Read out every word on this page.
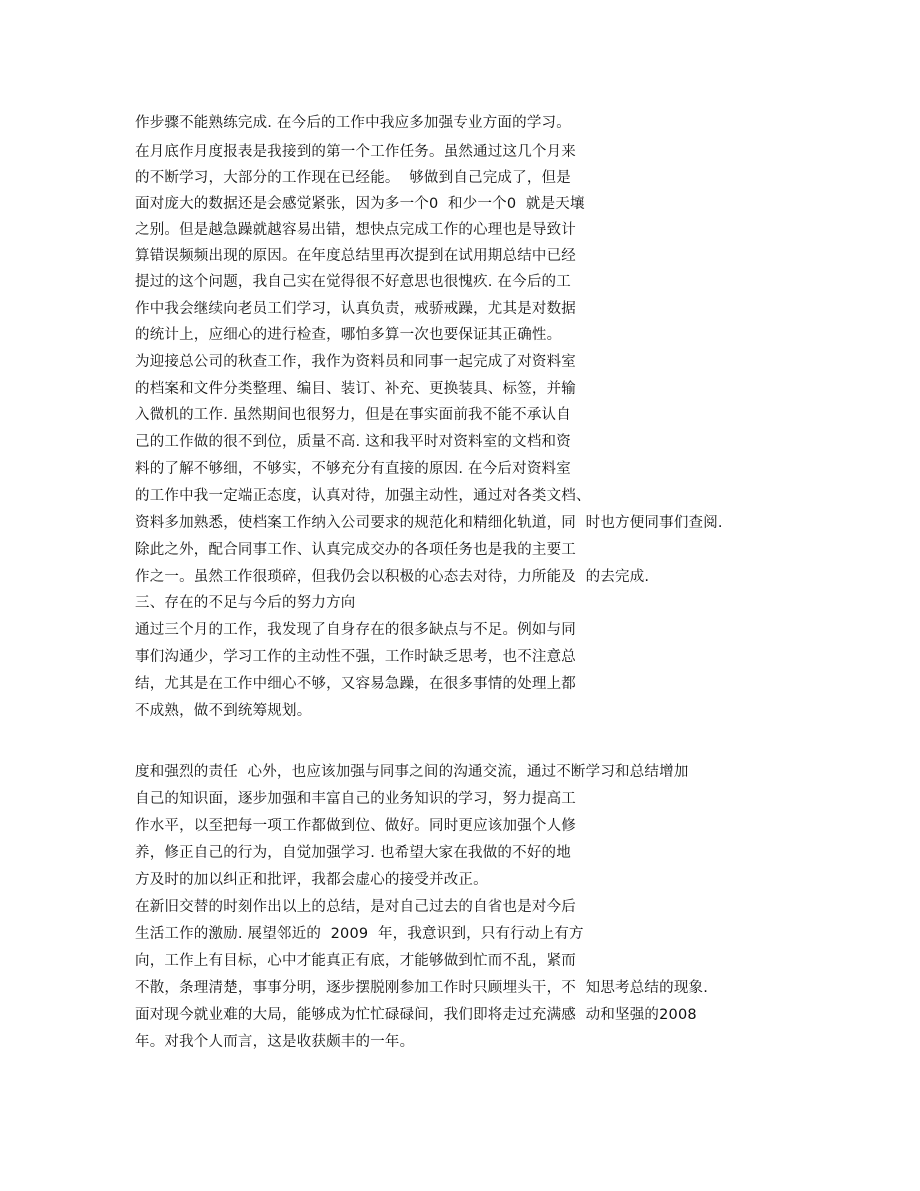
作步骤不能熟练完成. 在今后的工作中我应多加强专业方面的学习。

在月底作月度报表是我接到的第一个工作任务。虽然通过这几个月来

的不断学习，大部分的工作现在已经能。  够做到自己完成了，但是

面对庞大的数据还是会感觉紧张，因为多一个0  和少一个0  就是天壤

之别。但是越急躁就越容易出错，想快点完成工作的心理也是导致计

算错误频频出现的原因。在年度总结里再次提到在试用期总结中已经

提过的这个问题，我自己实在觉得很不好意思也很愧疚. 在今后的工

作中我会继续向老员工们学习，认真负责，戒骄戒躁，尤其是对数据

的统计上，应细心的进行检查，哪怕多算一次也要保证其正确性。

为迎接总公司的秋查工作，我作为资料员和同事一起完成了对资料室

的档案和文件分类整理、编目、装订、补充、更换装具、标签，并输

入微机的工作. 虽然期间也很努力，但是在事实面前我不能不承认自

己的工作做的很不到位，质量不高. 这和我平时对资料室的文档和资

料的了解不够细，不够实，不够充分有直接的原因. 在今后对资料室

的工作中我一定端正态度，认真对待，加强主动性，通过对各类文档、

资料多加熟悉，使档案工作纳入公司要求的规范化和精细化轨道，同  时也方便同事们查阅.

除此之外，配合同事工作、认真完成交办的各项任务也是我的主要工

作之一。虽然工作很琐碎，但我仍会以积极的心态去对待，力所能及  的去完成.

三、存在的不足与今后的努力方向

通过三个月的工作，我发现了自身存在的很多缺点与不足。例如与同

事们沟通少，学习工作的主动性不强，工作时缺乏思考，也不注意总

结，尤其是在工作中细心不够，又容易急躁，在很多事情的处理上都

不成熟，做不到统筹规划。

度和强烈的责任  心外，也应该加强与同事之间的沟通交流，通过不断学习和总结增加

自己的知识面，逐步加强和丰富自己的业务知识的学习，努力提高工

作水平，以至把每一项工作都做到位、做好。同时更应该加强个人修

养，修正自己的行为，自觉加强学习. 也希望大家在我做的不好的地

方及时的加以纠正和批评，我都会虚心的接受并改正。

在新旧交替的时刻作出以上的总结，是对自己过去的自省也是对今后

生活工作的激励. 展望邻近的  2009  年，我意识到，只有行动上有方

向，工作上有目标，心中才能真正有底，才能够做到忙而不乱，紧而

不散，条理清楚，事事分明，逐步摆脱刚参加工作时只顾埋头干，不  知思考总结的现象.

面对现今就业难的大局，能够成为忙忙碌碌间，我们即将走过充满感  动和坚强的2008

年。对我个人而言，这是收获颇丰的一年。
